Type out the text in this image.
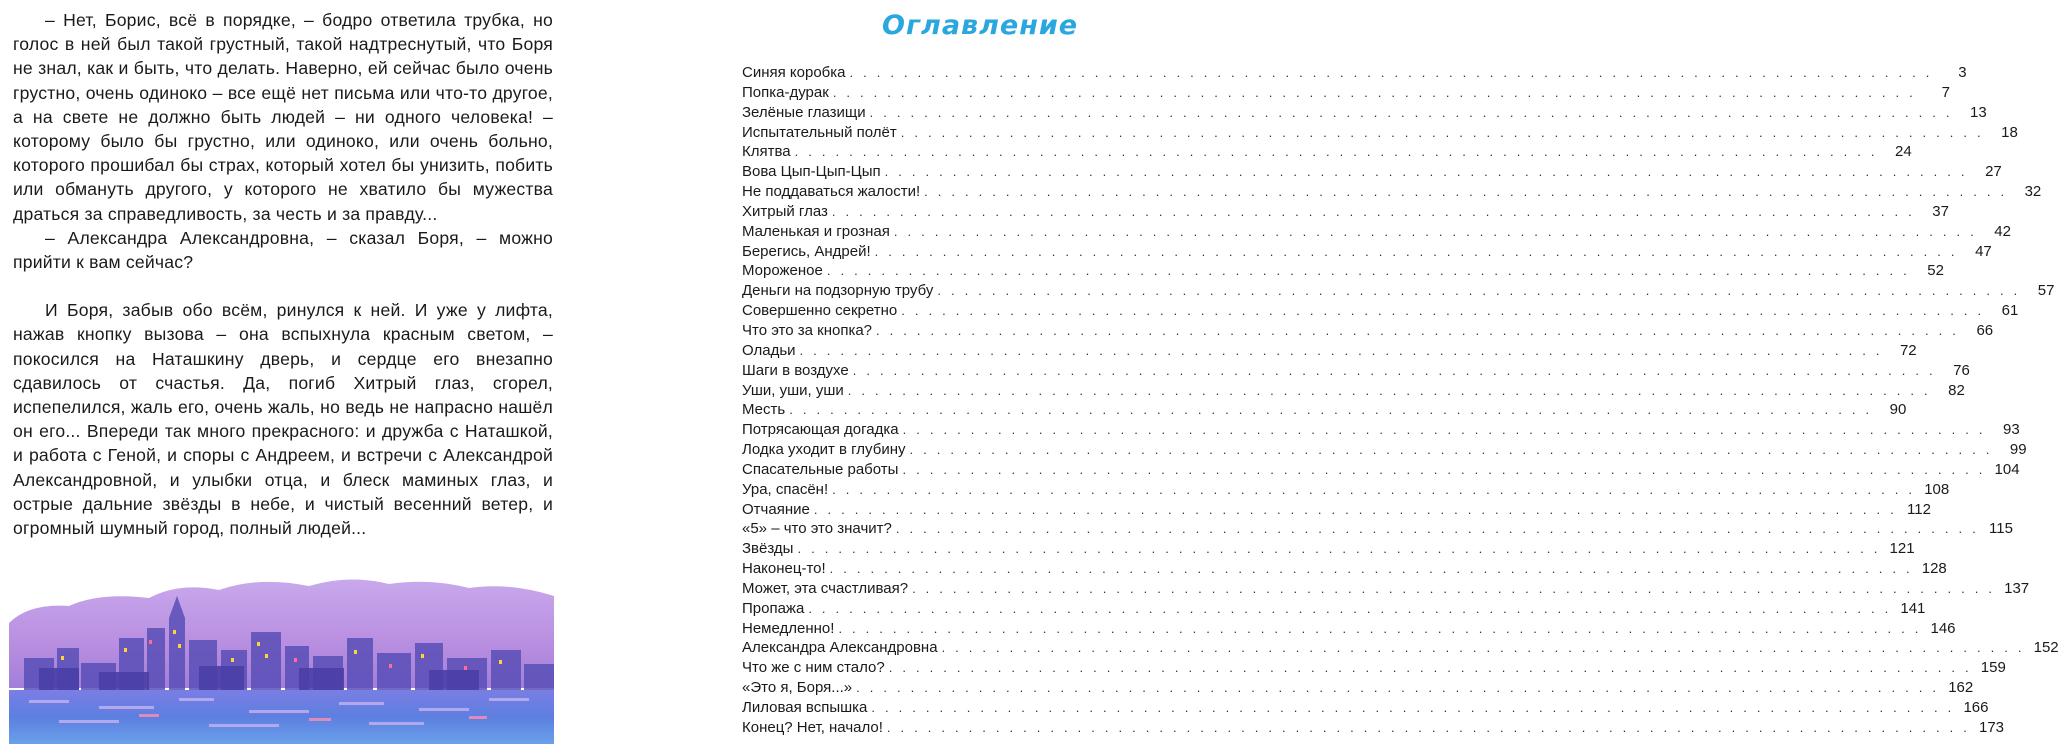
– Нет, Борис, всё в порядке, – бодро ответила трубка, но голос в ней был такой грустный, такой надтреснутый, что Боря не знал, как и быть, что делать. Наверно, ей сейчас было очень грустно, очень одиноко – все ещё нет письма или что-то другое, а на свете не должно быть людей – ни одного человека! – которому было бы грустно, или одиноко, или очень больно, которого прошибал бы страх, который хотел бы унизить, побить или обмануть другого, у которого не хватило бы мужества драться за справедливость, за честь и за правду...

– Александра Александровна, – сказал Боря, – можно прийти к вам сейчас?

И Боря, забыв обо всём, ринулся к ней. И уже у лифта, нажав кнопку вызова – она вспыхнула красным светом, – покосился на Наташкину дверь, и сердце его внезапно сдавилось от счастья. Да, погиб Хитрый глаз, сгорел, испепелился, жаль его, очень жаль, но ведь не напрасно нашёл он его... Впереди так много прекрасного: и дружба с Наташкой, и работа с Геной, и споры с Андреем, и встречи с Александрой Александровной, и улыбки отца, и блеск маминых глаз, и острые дальние звёзды в небе, и чистый весенний ветер, и огромный шумный город, полный людей...

Оглавление
Синяя коробка . . . . . . . . . . . . . . . . . . . . . . . . . . . . . . . . . . . . . . . . . . . . . . . . . . . . . . . . . . . . . . . . . . . . . . . . . . . . . . . .	3
Попка-дурак . . . . . . . . . . . . . . . . . . . . . . . . . . . . . . . . . . . . . . . . . . . . . . . . . . . . . . . . . . . . . . . . . . . . . . . . . . . . . . . .	7
Зелёные глазищи . . . . . . . . . . . . . . . . . . . . . . . . . . . . . . . . . . . . . . . . . . . . . . . . . . . . . . . . . . . . . . . . . . . . . . . . . . . . . . . .	13
Испытательный полёт . . . . . . . . . . . . . . . . . . . . . . . . . . . . . . . . . . . . . . . . . . . . . . . . . . . . . . . . . . . . . . . . . . . . . . . . . . . . . . . .	18
Клятва . . . . . . . . . . . . . . . . . . . . . . . . . . . . . . . . . . . . . . . . . . . . . . . . . . . . . . . . . . . . . . . . . . . . . . . . . . . . . . . .	24
Вова Цып-Цып-Цып . . . . . . . . . . . . . . . . . . . . . . . . . . . . . . . . . . . . . . . . . . . . . . . . . . . . . . . . . . . . . . . . . . . . . . . . . . . . . . . .	27
Не поддаваться жалости! . . . . . . . . . . . . . . . . . . . . . . . . . . . . . . . . . . . . . . . . . . . . . . . . . . . . . . . . . . . . . . . . . . . . . . . . . . . . . . . .	32
Хитрый глаз . . . . . . . . . . . . . . . . . . . . . . . . . . . . . . . . . . . . . . . . . . . . . . . . . . . . . . . . . . . . . . . . . . . . . . . . . . . . . . . .	37
Маленькая и грозная . . . . . . . . . . . . . . . . . . . . . . . . . . . . . . . . . . . . . . . . . . . . . . . . . . . . . . . . . . . . . . . . . . . . . . . . . . . . . . . .	42
Берегись, Андрей! . . . . . . . . . . . . . . . . . . . . . . . . . . . . . . . . . . . . . . . . . . . . . . . . . . . . . . . . . . . . . . . . . . . . . . . . . . . . . . . .	47
Мороженое . . . . . . . . . . . . . . . . . . . . . . . . . . . . . . . . . . . . . . . . . . . . . . . . . . . . . . . . . . . . . . . . . . . . . . . . . . . . . . . .	52
Деньги на подзорную трубу . . . . . . . . . . . . . . . . . . . . . . . . . . . . . . . . . . . . . . . . . . . . . . . . . . . . . . . . . . . . . . . . . . . . . . . . . . . . . . . .	57
Совершенно секретно . . . . . . . . . . . . . . . . . . . . . . . . . . . . . . . . . . . . . . . . . . . . . . . . . . . . . . . . . . . . . . . . . . . . . . . . . . . . . . . .	61
Что это за кнопка? . . . . . . . . . . . . . . . . . . . . . . . . . . . . . . . . . . . . . . . . . . . . . . . . . . . . . . . . . . . . . . . . . . . . . . . . . . . . . . . .	66
Оладьи . . . . . . . . . . . . . . . . . . . . . . . . . . . . . . . . . . . . . . . . . . . . . . . . . . . . . . . . . . . . . . . . . . . . . . . . . . . . . . . .	72
Шаги в воздухе . . . . . . . . . . . . . . . . . . . . . . . . . . . . . . . . . . . . . . . . . . . . . . . . . . . . . . . . . . . . . . . . . . . . . . . . . . . . . . . .	76
Уши, уши, уши . . . . . . . . . . . . . . . . . . . . . . . . . . . . . . . . . . . . . . . . . . . . . . . . . . . . . . . . . . . . . . . . . . . . . . . . . . . . . . . .	82
Месть . . . . . . . . . . . . . . . . . . . . . . . . . . . . . . . . . . . . . . . . . . . . . . . . . . . . . . . . . . . . . . . . . . . . . . . . . . . . . . . .	90
Потрясающая догадка . . . . . . . . . . . . . . . . . . . . . . . . . . . . . . . . . . . . . . . . . . . . . . . . . . . . . . . . . . . . . . . . . . . . . . . . . . . . . . . .	93
Лодка уходит в глубину . . . . . . . . . . . . . . . . . . . . . . . . . . . . . . . . . . . . . . . . . . . . . . . . . . . . . . . . . . . . . . . . . . . . . . . . . . . . . . . .	99
Спасательные работы . . . . . . . . . . . . . . . . . . . . . . . . . . . . . . . . . . . . . . . . . . . . . . . . . . . . . . . . . . . . . . . . . . . . . . . . . . . . . . . . 104
Ура, спасён! . . . . . . . . . . . . . . . . . . . . . . . . . . . . . . . . . . . . . . . . . . . . . . . . . . . . . . . . . . . . . . . . . . . . . . . . . . . . . . . . 108
Отчаяние . . . . . . . . . . . . . . . . . . . . . . . . . . . . . . . . . . . . . . . . . . . . . . . . . . . . . . . . . . . . . . . . . . . . . . . . . . . . . . . . 112
«5» – что это значит? . . . . . . . . . . . . . . . . . . . . . . . . . . . . . . . . . . . . . . . . . . . . . . . . . . . . . . . . . . . . . . . . . . . . . . . . . . . . . . . . 115
Звёзды . . . . . . . . . . . . . . . . . . . . . . . . . . . . . . . . . . . . . . . . . . . . . . . . . . . . . . . . . . . . . . . . . . . . . . . . . . . . . . . . 121
Наконец-то! . . . . . . . . . . . . . . . . . . . . . . . . . . . . . . . . . . . . . . . . . . . . . . . . . . . . . . . . . . . . . . . . . . . . . . . . . . . . . . . . 128
Может, эта счастливая? . . . . . . . . . . . . . . . . . . . . . . . . . . . . . . . . . . . . . . . . . . . . . . . . . . . . . . . . . . . . . . . . . . . . . . . . . . . . . . . . 137
Пропажа . . . . . . . . . . . . . . . . . . . . . . . . . . . . . . . . . . . . . . . . . . . . . . . . . . . . . . . . . . . . . . . . . . . . . . . . . . . . . . . . 141
Немедленно! . . . . . . . . . . . . . . . . . . . . . . . . . . . . . . . . . . . . . . . . . . . . . . . . . . . . . . . . . . . . . . . . . . . . . . . . . . . . . . . . 146
Александра Александровна . . . . . . . . . . . . . . . . . . . . . . . . . . . . . . . . . . . . . . . . . . . . . . . . . . . . . . . . . . . . . . . . . . . . . . . . . . . . . . . . 152
Что же с ним стало? . . . . . . . . . . . . . . . . . . . . . . . . . . . . . . . . . . . . . . . . . . . . . . . . . . . . . . . . . . . . . . . . . . . . . . . . . . . . . . . . 159
«Это я, Боря...» . . . . . . . . . . . . . . . . . . . . . . . . . . . . . . . . . . . . . . . . . . . . . . . . . . . . . . . . . . . . . . . . . . . . . . . . . . . . . . . . 162
Лиловая вспышка . . . . . . . . . . . . . . . . . . . . . . . . . . . . . . . . . . . . . . . . . . . . . . . . . . . . . . . . . . . . . . . . . . . . . . . . . . . . . . . . 166
Конец? Нет, начало! . . . . . . . . . . . . . . . . . . . . . . . . . . . . . . . . . . . . . . . . . . . . . . . . . . . . . . . . . . . . . . . . . . . . . . . . . . . . . . . . 173
